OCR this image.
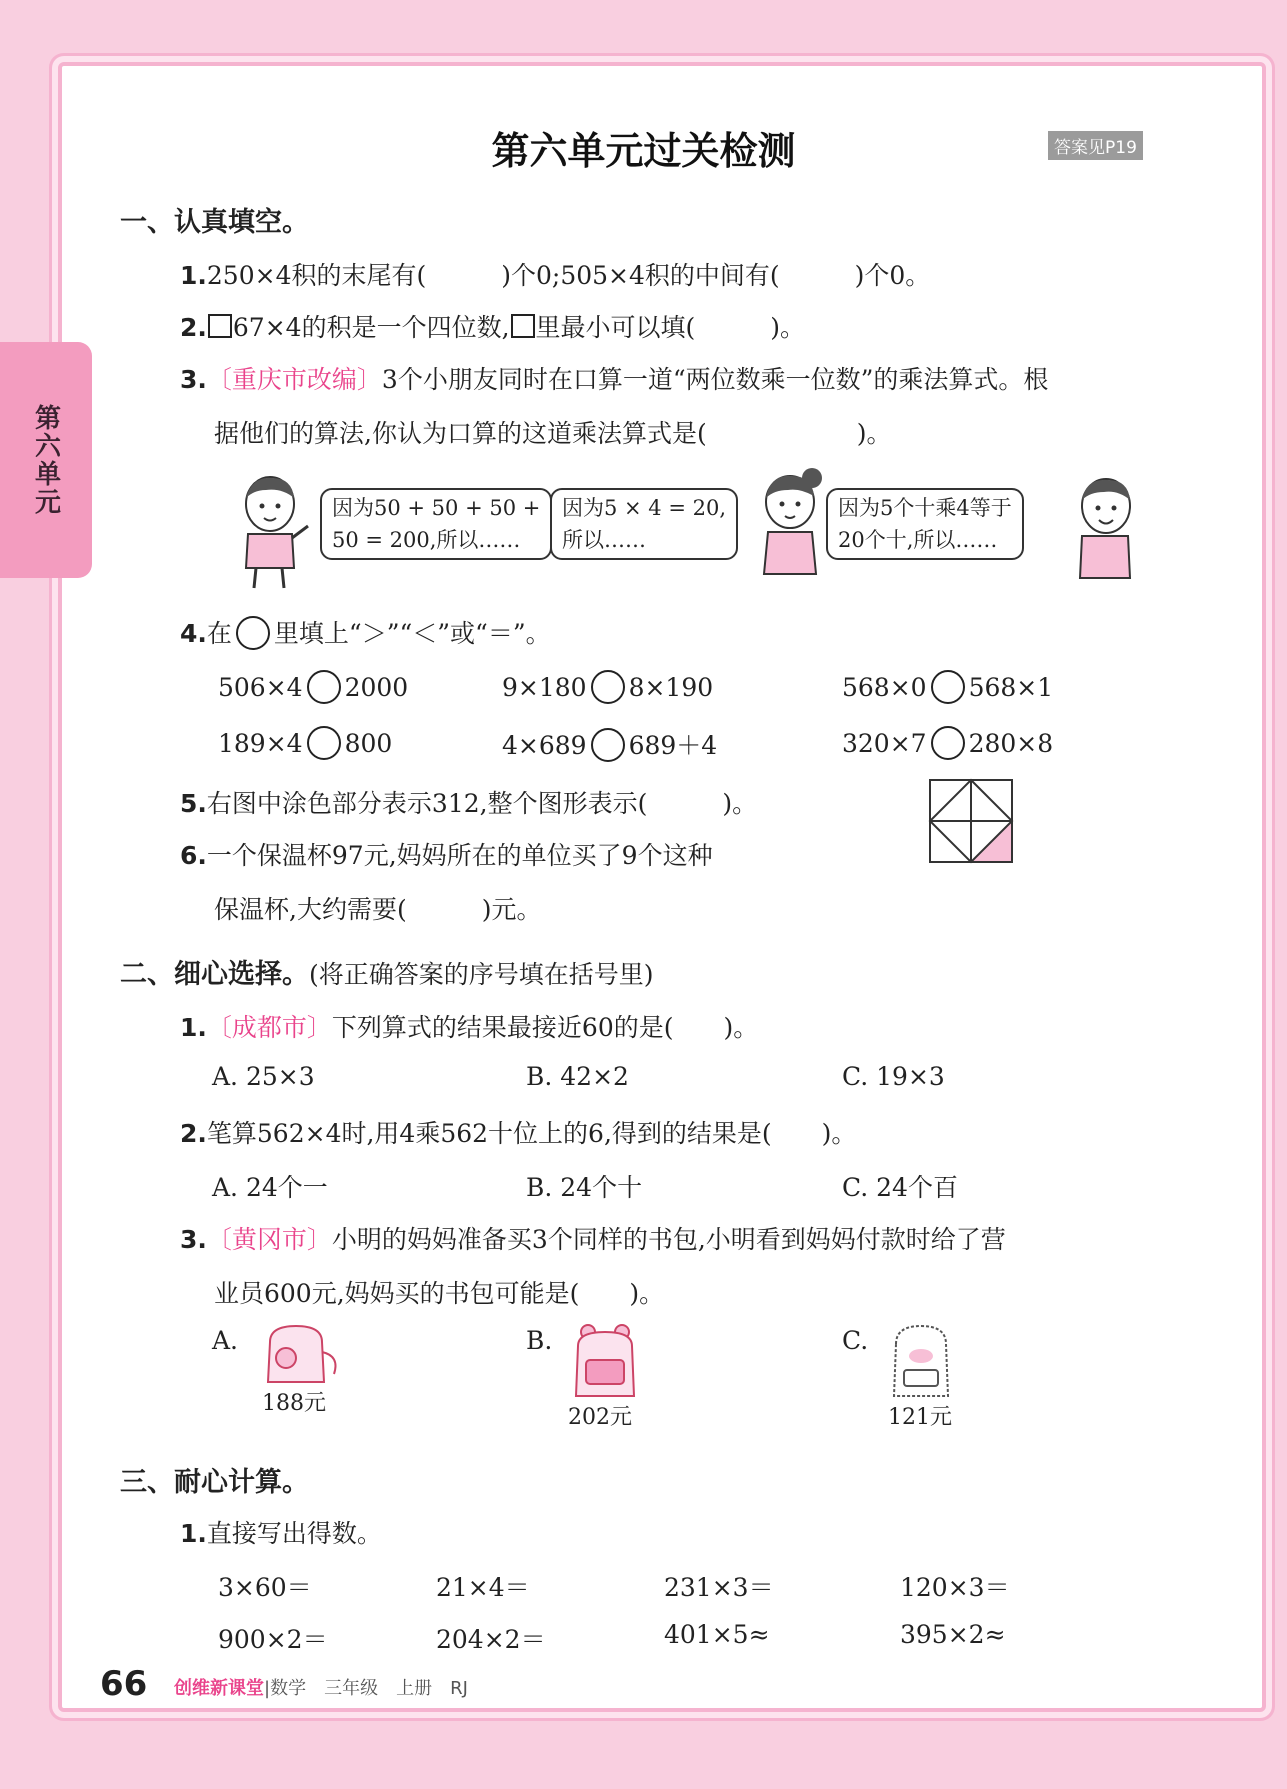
第六单元
第六单元过关检测	答案见P19
一、认真填空。
1.250×4积的末尾有(　　　)个0;505×4积的中间有(　　　)个0。
2. 67×4的积是一个四位数, 里最小可以填(　　　)。
3.〔重庆市改编〕3个小朋友同时在口算一道“两位数乘一位数”的乘法算式。根
据他们的算法,你认为口算的这道乘法算式是(　　　　　　)。
因为50 + 50 + 50 +
50 = 200,所以……
因为5 × 4 = 20,
所以……
因为5个十乘4等于
20个十,所以……
4.在 里填上“＞”“＜”或“＝”。
506×4 2000	9×180 8×190	568×0 568×1
189×4 800	4×689 689＋4	320×7 280×8
5.右图中涂色部分表示312,整个图形表示(　　　)。
6.一个保温杯97元,妈妈所在的单位买了9个这种
保温杯,大约需要(　　　)元。
二、细心选择。(将正确答案的序号填在括号里)
1.〔成都市〕下列算式的结果最接近60的是(　　)。
A. 25×3	B. 42×2	C. 19×3
2.笔算562×4时,用4乘562十位上的6,得到的结果是(　　)。
A. 24个一	B. 24个十	C. 24个百
3.〔黄冈市〕小明的妈妈准备买3个同样的书包,小明看到妈妈付款时给了营
业员600元,妈妈买的书包可能是(　　)。
A.
188元
B.
202元
C.
121元
三、耐心计算。
1.直接写出得数。
3×60＝	21×4＝	231×3＝	120×3＝
900×2＝	204×2＝	401×5≈	395×2≈
66 创维新课堂|数学　三年级　上册　RJ
